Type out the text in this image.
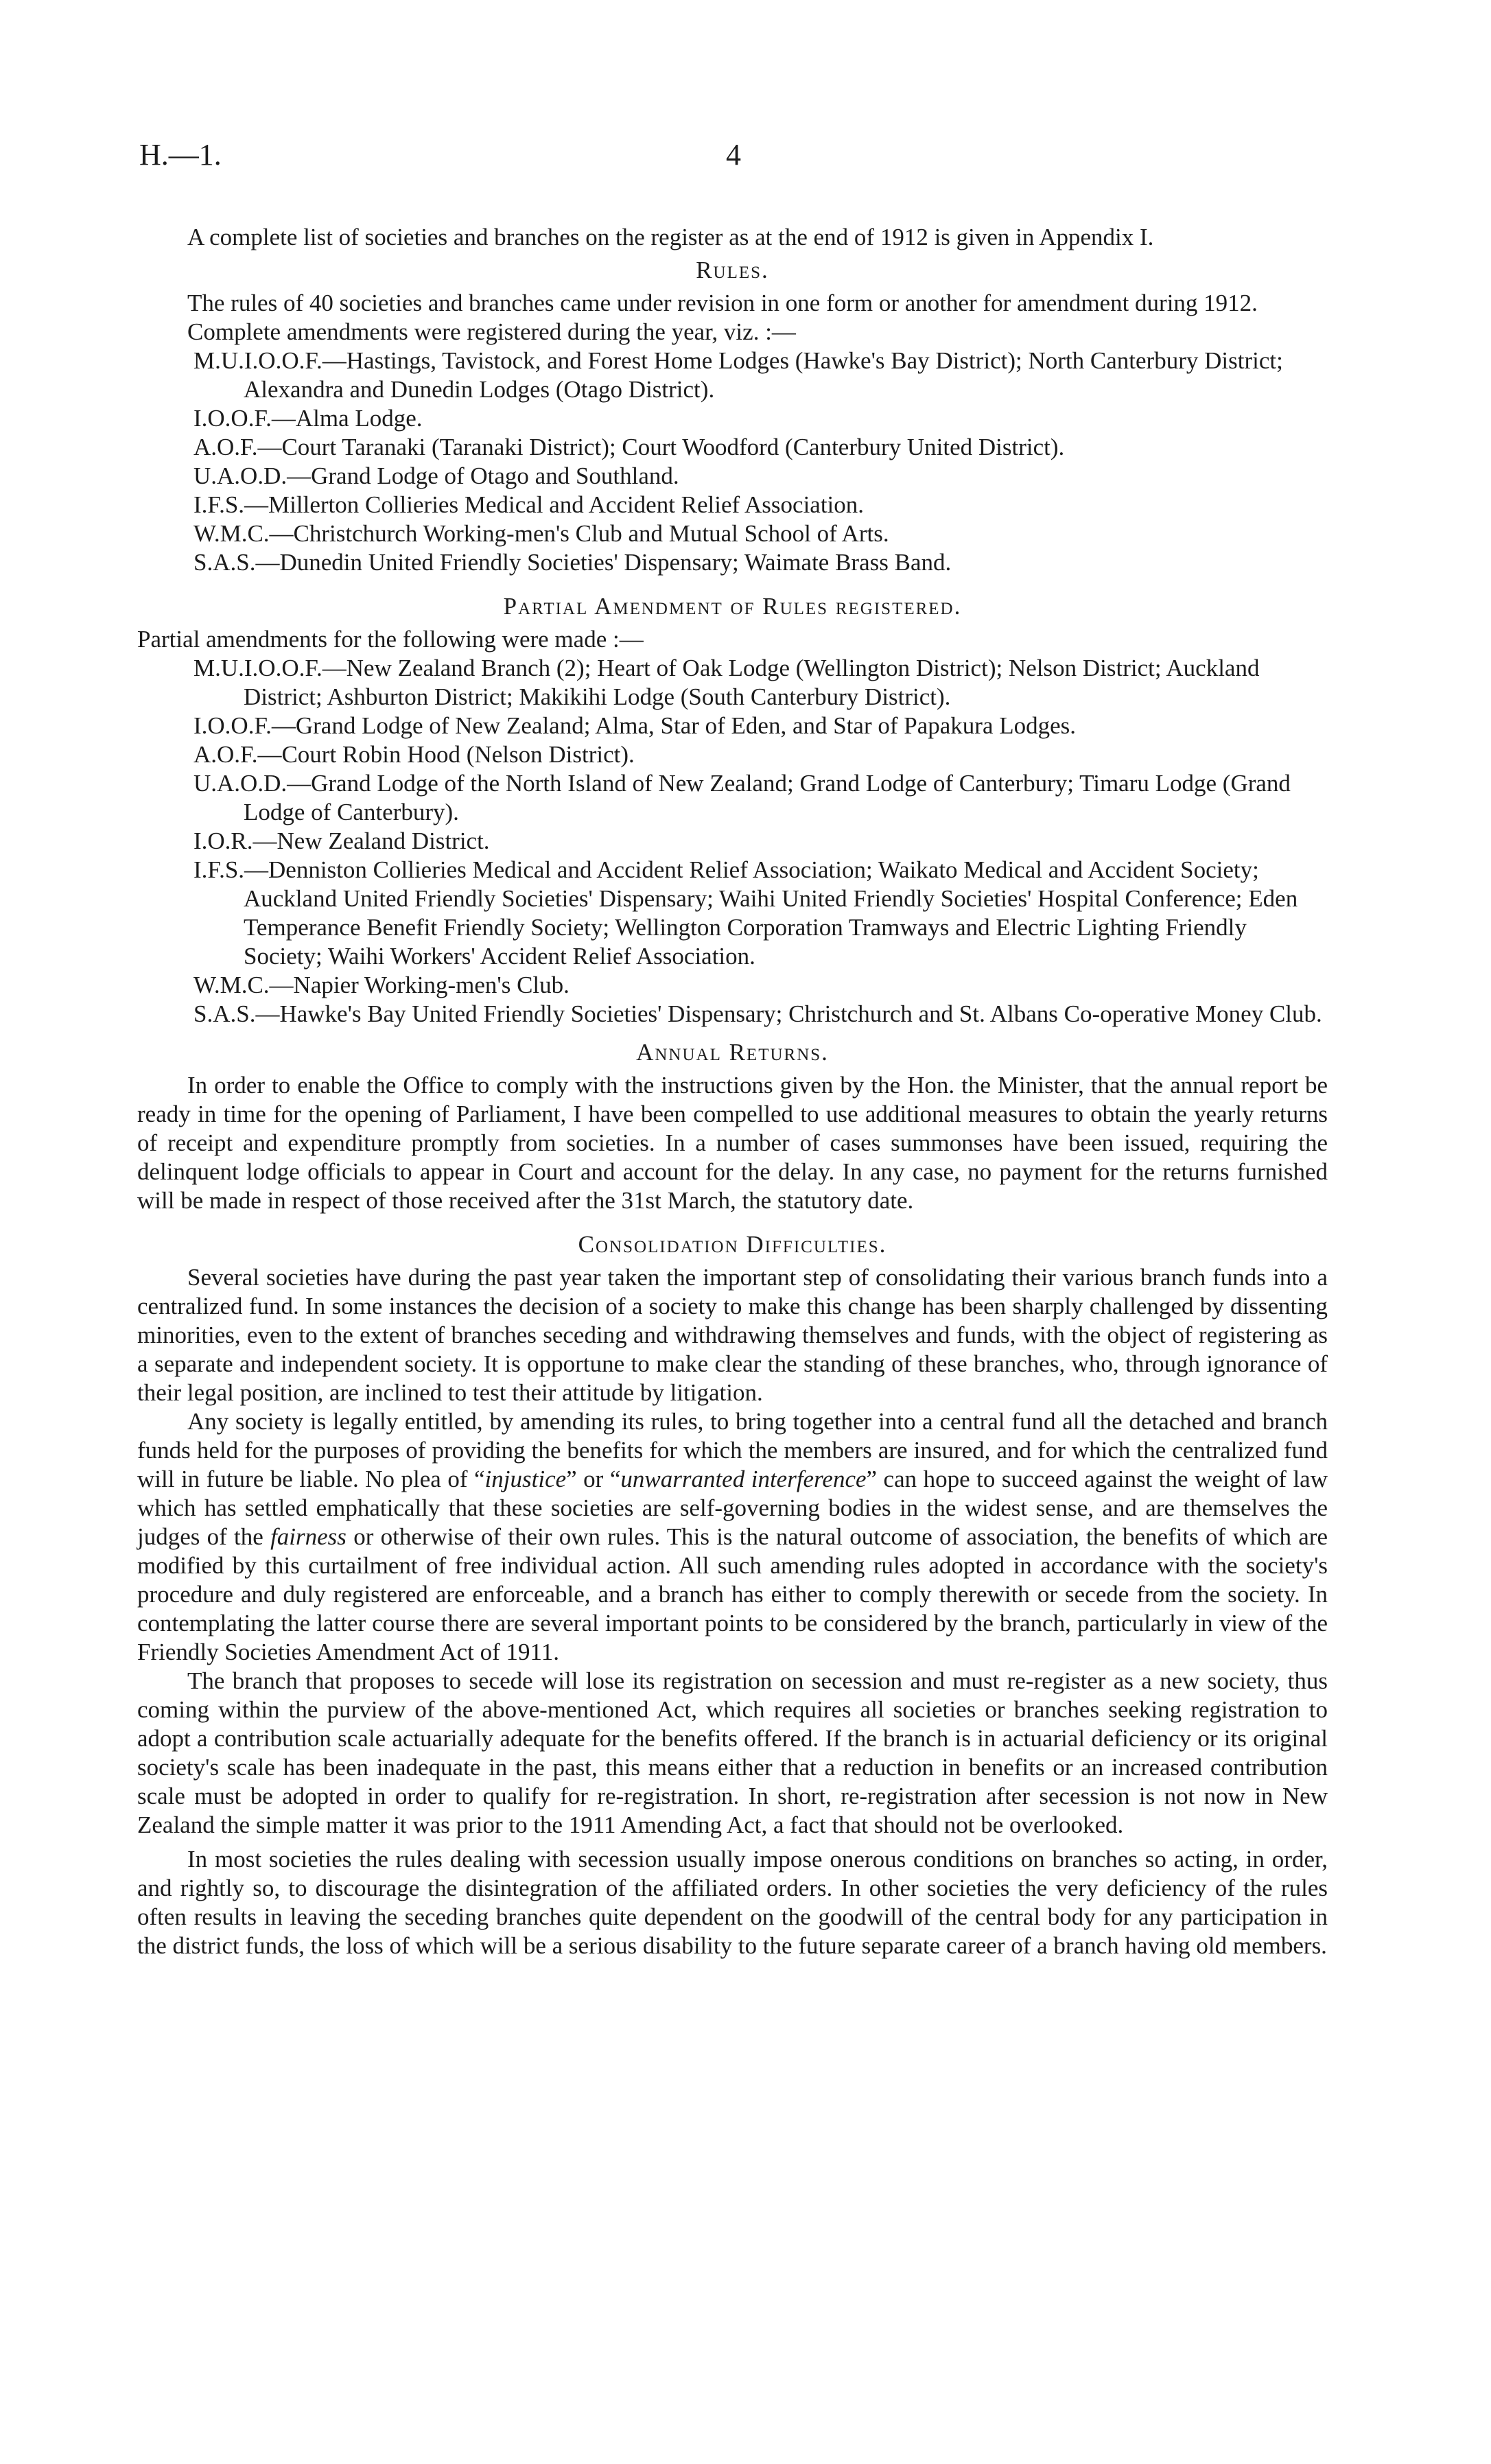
H.—1.	4

A complete list of societies and branches on the register as at the end of 1912 is given in Appendix I.

Rules.

The rules of 40 societies and branches came under revision in one form or another for amendment during 1912.

Complete amendments were registered during the year, viz. :—

M.U.I.O.O.F.—Hastings, Tavistock, and Forest Home Lodges (Hawke's Bay District); North Canterbury District; Alexandra and Dunedin Lodges (Otago District).

I.O.O.F.—Alma Lodge.

A.O.F.—Court Taranaki (Taranaki District); Court Woodford (Canterbury United District).

U.A.O.D.—Grand Lodge of Otago and Southland.

I.F.S.—Millerton Collieries Medical and Accident Relief Association.

W.M.C.—Christchurch Working-men's Club and Mutual School of Arts.

S.A.S.—Dunedin United Friendly Societies' Dispensary; Waimate Brass Band.

Partial Amendment of Rules registered.

Partial amendments for the following were made :—

M.U.I.O.O.F.—New Zealand Branch (2); Heart of Oak Lodge (Wellington District); Nelson District; Auckland District; Ashburton District; Makikihi Lodge (South Canterbury District).

I.O.O.F.—Grand Lodge of New Zealand; Alma, Star of Eden, and Star of Papakura Lodges.

A.O.F.—Court Robin Hood (Nelson District).

U.A.O.D.—Grand Lodge of the North Island of New Zealand; Grand Lodge of Canterbury; Timaru Lodge (Grand Lodge of Canterbury).

I.O.R.—New Zealand District.

I.F.S.—Denniston Collieries Medical and Accident Relief Association; Waikato Medical and Accident Society; Auckland United Friendly Societies' Dispensary; Waihi United Friendly Societies' Hospital Conference; Eden Temperance Benefit Friendly Society; Wellington Corporation Tramways and Electric Lighting Friendly Society; Waihi Workers' Accident Relief Association.

W.M.C.—Napier Working-men's Club.

S.A.S.—Hawke's Bay United Friendly Societies' Dispensary; Christchurch and St. Albans Co-operative Money Club.

Annual Returns.

In order to enable the Office to comply with the instructions given by the Hon. the Minister, that the annual report be ready in time for the opening of Parliament, I have been compelled to use additional measures to obtain the yearly returns of receipt and expenditure promptly from societies. In a number of cases summonses have been issued, requiring the delinquent lodge officials to appear in Court and account for the delay. In any case, no payment for the returns furnished will be made in respect of those received after the 31st March, the statutory date.

Consolidation Difficulties.

Several societies have during the past year taken the important step of consolidating their various branch funds into a centralized fund. In some instances the decision of a society to make this change has been sharply challenged by dissenting minorities, even to the extent of branches seceding and withdrawing themselves and funds, with the object of registering as a separate and independent society. It is opportune to make clear the standing of these branches, who, through ignorance of their legal position, are inclined to test their attitude by litigation.

Any society is legally entitled, by amending its rules, to bring together into a central fund all the detached and branch funds held for the purposes of providing the benefits for which the members are insured, and for which the centralized fund will in future be liable. No plea of “injustice” or “unwarranted interference” can hope to succeed against the weight of law which has settled emphatically that these societies are self-governing bodies in the widest sense, and are themselves the judges of the fairness or otherwise of their own rules. This is the natural outcome of association, the benefits of which are modified by this curtailment of free individual action. All such amending rules adopted in accordance with the society's procedure and duly registered are enforceable, and a branch has either to comply therewith or secede from the society. In contemplating the latter course there are several important points to be considered by the branch, particularly in view of the Friendly Societies Amendment Act of 1911.

The branch that proposes to secede will lose its registration on secession and must re-register as a new society, thus coming within the purview of the above-mentioned Act, which requires all societies or branches seeking registration to adopt a contribution scale actuarially adequate for the benefits offered. If the branch is in actuarial deficiency or its original society's scale has been inadequate in the past, this means either that a reduction in benefits or an increased contribution scale must be adopted in order to qualify for re-registration. In short, re-registration after secession is not now in New Zealand the simple matter it was prior to the 1911 Amending Act, a fact that should not be overlooked.

In most societies the rules dealing with secession usually impose onerous conditions on branches so acting, in order, and rightly so, to discourage the disintegration of the affiliated orders. In other societies the very deficiency of the rules often results in leaving the seceding branches quite dependent on the goodwill of the central body for any participation in the district funds, the loss of which will be a serious disability to the future separate career of a branch having old members.
